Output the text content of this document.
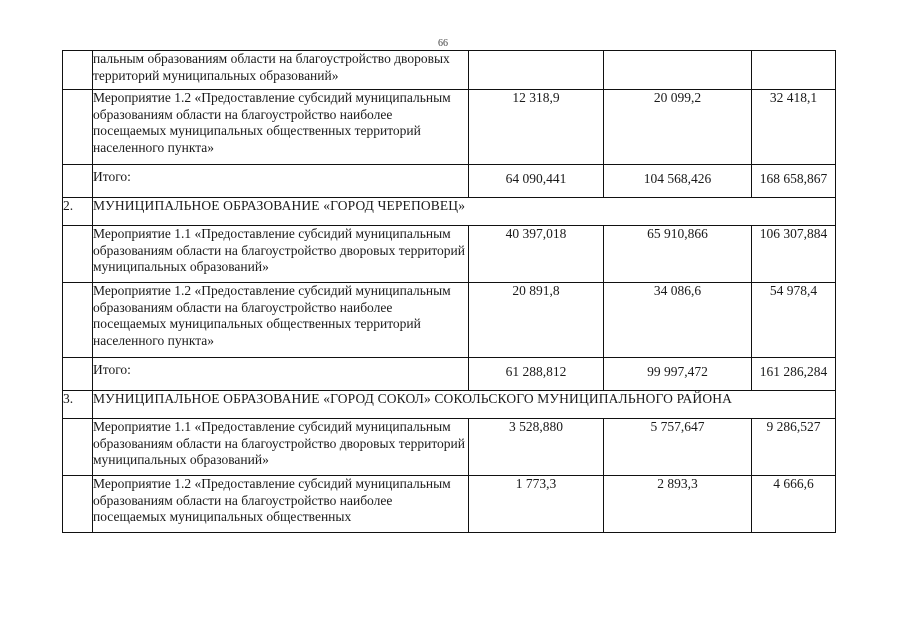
66
	пальным образованиям области на благоустройство дворовых территорий муниципальных образований»			
	Мероприятие 1.2 «Предоставление субсидий муниципальным образованиям области на благоустройство наиболее посещаемых муниципальных общественных территорий населенного пункта»	12 318,9	20 099,2	32 418,1
	Итого:	64 090,441	104 568,426	168 658,867
2.	МУНИЦИПАЛЬНОЕ ОБРАЗОВАНИЕ «ГОРОД ЧЕРЕПОВЕЦ»			
	Мероприятие 1.1 «Предоставление субсидий муниципальным образованиям области на благоустройство дворовых территорий муниципальных образований»	40 397,018	65 910,866	106 307,884
	Мероприятие 1.2 «Предоставление субсидий муниципальным образованиям области на благоустройство наиболее посещаемых муниципальных общественных территорий населенного пункта»	20 891,8	34 086,6	54 978,4
	Итого:	61 288,812	99 997,472	161 286,284
3.	МУНИЦИПАЛЬНОЕ ОБРАЗОВАНИЕ «ГОРОД СОКОЛ» СОКОЛЬСКОГО МУНИЦИПАЛЬНОГО РАЙОНА			
	Мероприятие 1.1 «Предоставление субсидий муниципальным образованиям области на благоустройство дворовых территорий муниципальных образований»	3 528,880	5 757,647	9 286,527
	Мероприятие 1.2 «Предоставление субсидий муниципальным образованиям области на благоустройство наиболее посещаемых муниципальных общественных	1 773,3	2 893,3	4 666,6
